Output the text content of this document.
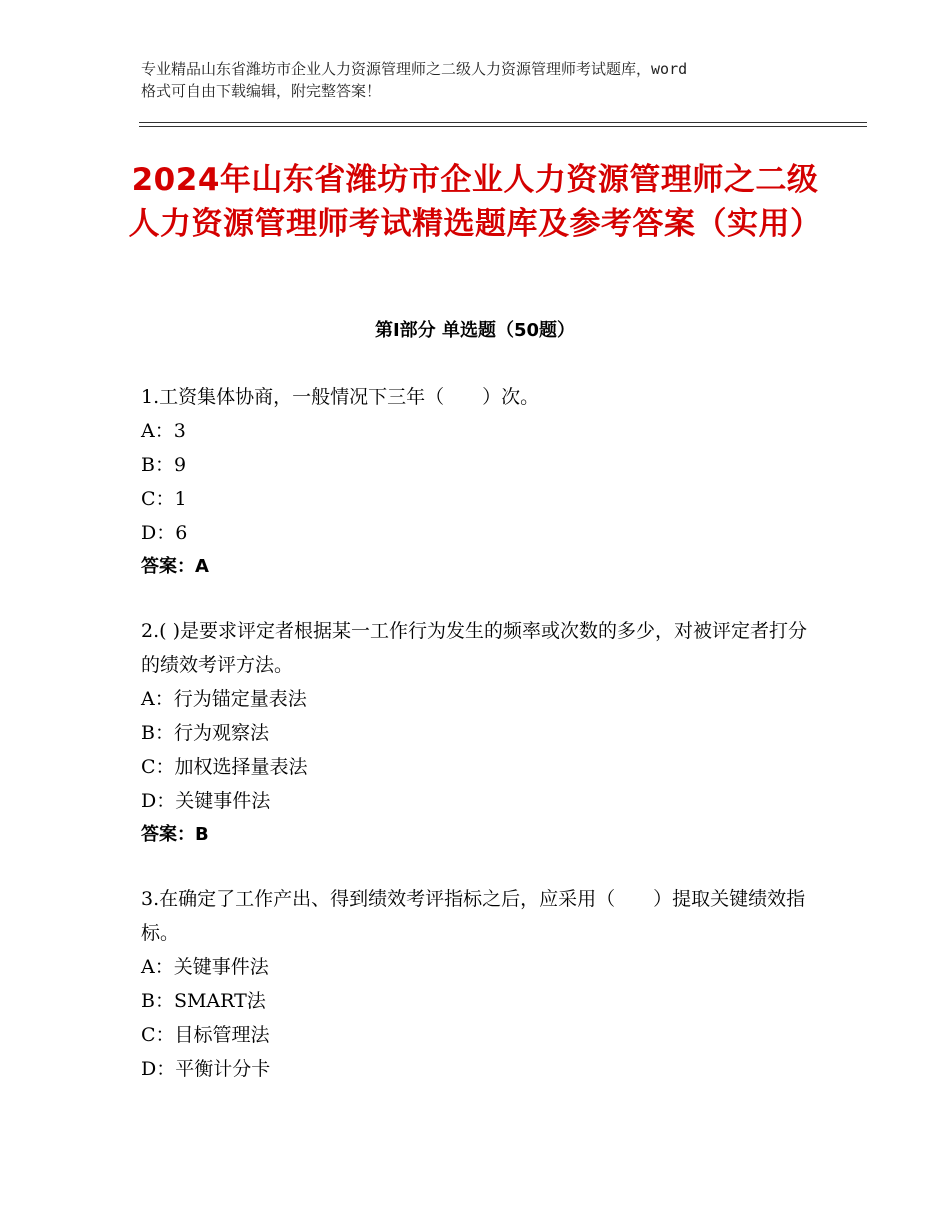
专业精品山东省潍坊市企业人力资源管理师之二级人力资源管理师考试题库，word
格式可自由下载编辑，附完整答案！
2024年山东省潍坊市企业人力资源管理师之二级人力资源管理师考试精选题库及参考答案（实用）
第Ⅰ部分 单选题（50题）

1.工资集体协商，一般情况下三年（　　）次。

A：3

B：9

C：1

D：6

答案：A

2.( )是要求评定者根据某一工作行为发生的频率或次数的多少，对被评定者打分的绩效考评方法。

A：行为锚定量表法

B：行为观察法

C：加权选择量表法

D：关键事件法

答案：B

3.在确定了工作产出、得到绩效考评指标之后，应采用（　　）提取关键绩效指标。

A：关键事件法

B：SMART法

C：目标管理法

D：平衡计分卡
